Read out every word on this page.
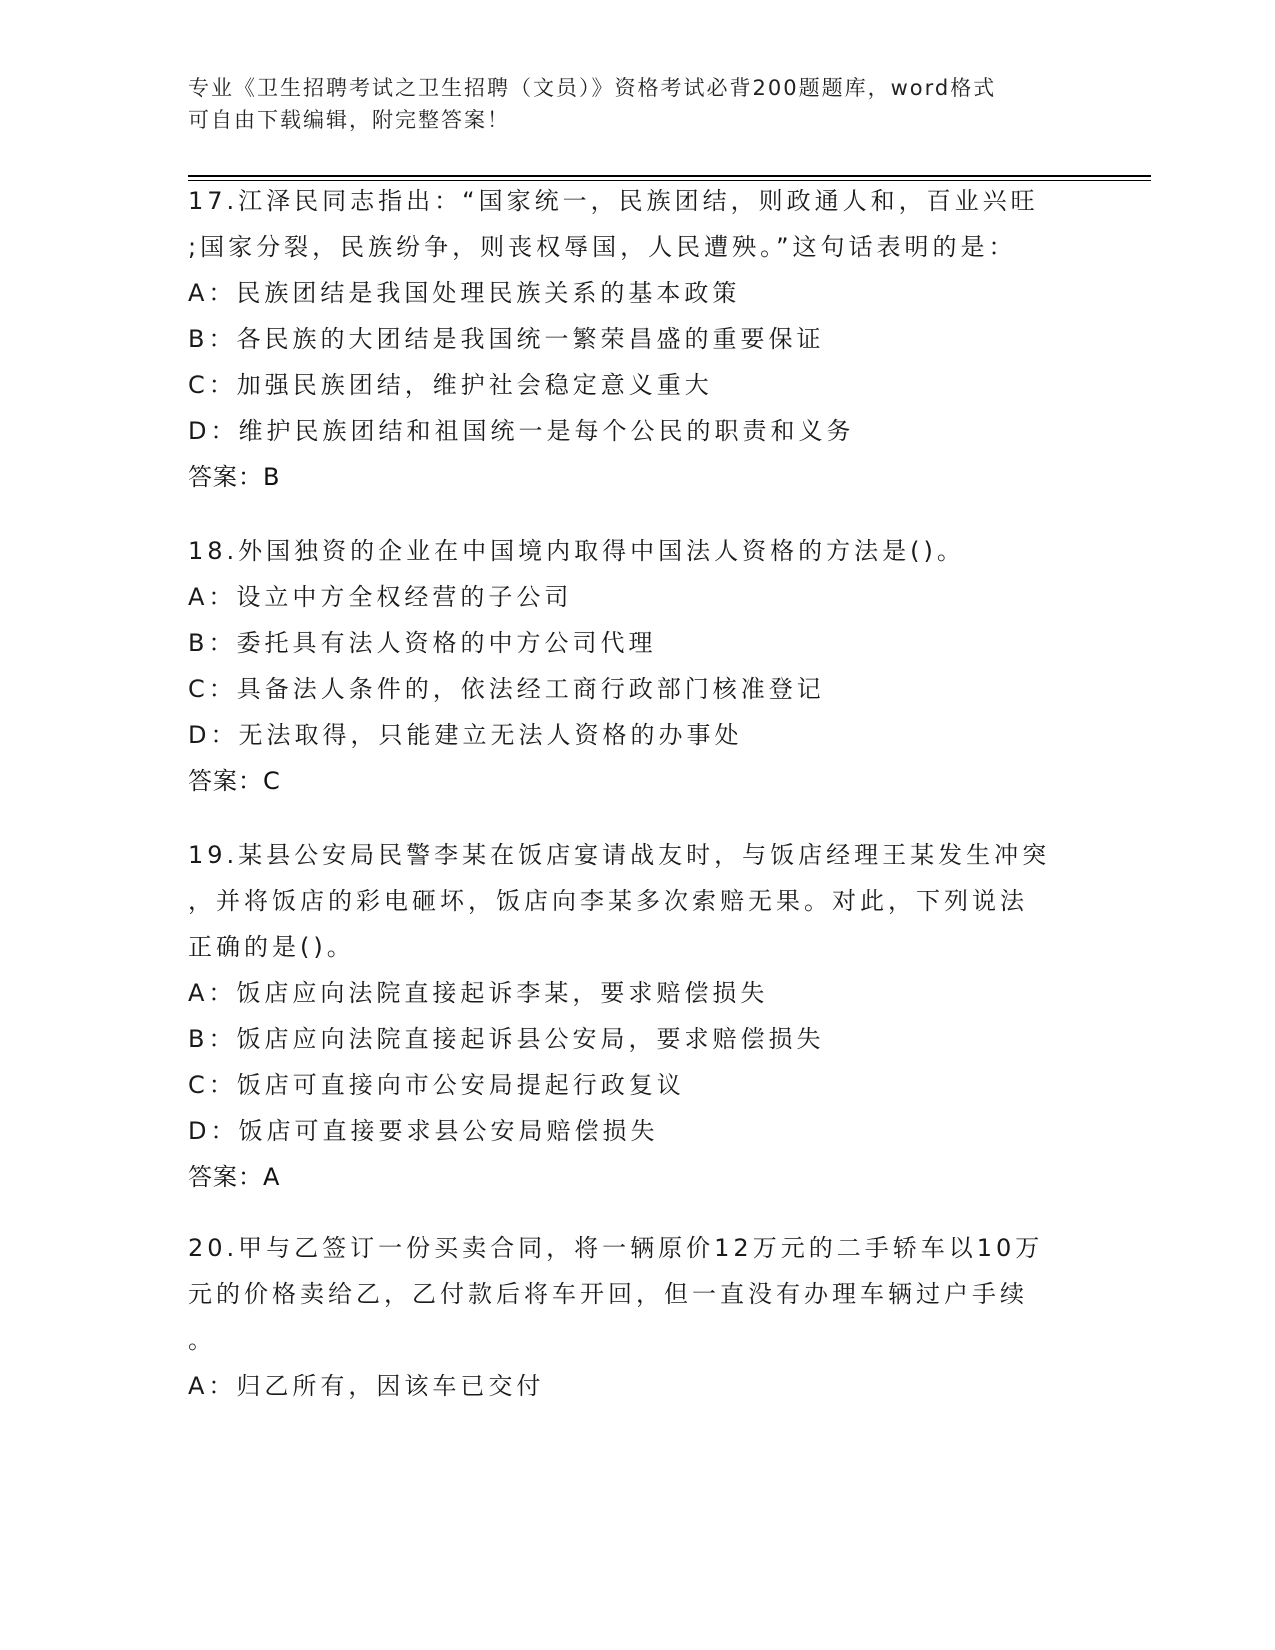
专业《卫生招聘考试之卫生招聘（文员）》资格考试必背200题题库，word格式

可自由下载编辑，附完整答案！

17.江泽民同志指出：“国家统一，民族团结，则政通人和，百业兴旺
;国家分裂，民族纷争，则丧权辱国，人民遭殃。”这句话表明的是：
A：民族团结是我国处理民族关系的基本政策
B：各民族的大团结是我国统一繁荣昌盛的重要保证
C：加强民族团结，维护社会稳定意义重大
D：维护民族团结和祖国统一是每个公民的职责和义务
答案：B
18.外国独资的企业在中国境内取得中国法人资格的方法是()。
A：设立中方全权经营的子公司
B：委托具有法人资格的中方公司代理
C：具备法人条件的，依法经工商行政部门核准登记
D：无法取得，只能建立无法人资格的办事处
答案：C
19.某县公安局民警李某在饭店宴请战友时，与饭店经理王某发生冲突
，并将饭店的彩电砸坏，饭店向李某多次索赔无果。对此，下列说法
正确的是()。
A：饭店应向法院直接起诉李某，要求赔偿损失
B：饭店应向法院直接起诉县公安局，要求赔偿损失
C：饭店可直接向市公安局提起行政复议
D：饭店可直接要求县公安局赔偿损失
答案：A
20.甲与乙签订一份买卖合同，将一辆原价12万元的二手轿车以10万
元的价格卖给乙，乙付款后将车开回，但一直没有办理车辆过户手续
。
A：归乙所有，因该车已交付
